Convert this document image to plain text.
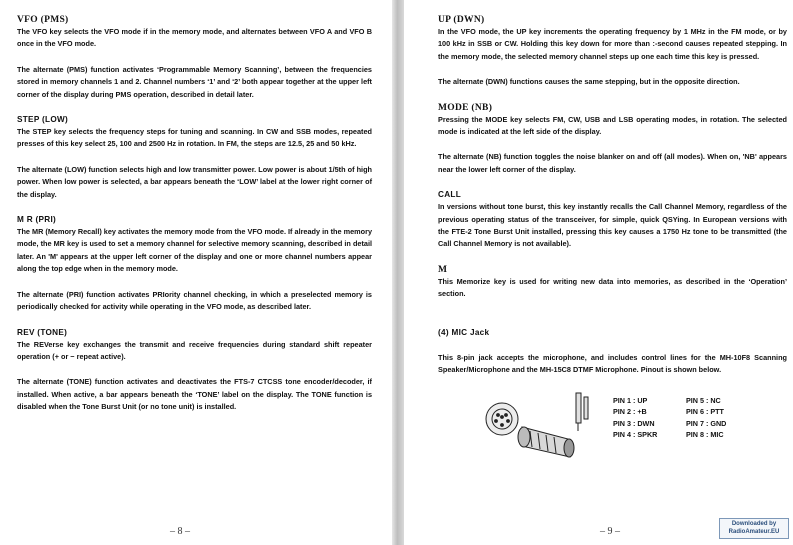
VFO (PMS)

The VFO key selects the VFO mode if in the memory mode, and alternates between VFO A and VFO B once in the VFO mode.

The alternate (PMS) function activates ‘Programmable Memory Scanning’, between the frequencies stored in memory channels 1 and 2. Channel numbers ‘1’ and ‘2’ both appear together at the upper left corner of the display during PMS operation, described in detail later.

STEP (LOW)

The STEP key selects the frequency steps for tuning and scanning. In CW and SSB modes, repeated presses of this key select 25, 100 and 2500 Hz in rotation. In FM, the steps are 12.5, 25 and 50 kHz.

The alternate (LOW) function selects high and low transmitter power. Low power is about 1/5th of high power. When low power is selected, a bar appears beneath the ‘LOW’ label at the lower right corner of the display.

M R (PRI)

The MR (Memory Recall) key activates the memory mode from the VFO mode. If already in the memory mode, the MR key is used to set a memory channel for selective memory scanning, described in detail later. An 'M' appears at the upper left corner of the display and one or more channel numbers appear along the top edge when in the memory mode.

The alternate (PRI) function activates PRIority channel checking, in which a preselected memory is periodically checked for activity while operating in the VFO mode, as described later.

REV (TONE)

The REVerse key exchanges the transmit and receive frequencies during standard shift repeater operation (+ or − repeat active).

The alternate (TONE) function activates and deactivates the FTS-7 CTCSS tone encoder/decoder, if installed. When active, a bar appears beneath the ‘TONE’ label on the display. The TONE function is disabled when the Tone Burst Unit (or no tone unit) is installed.

– 8 –

UP (DWN)

In the VFO mode, the UP key increments the operating frequency by 1 MHz in the FM mode, or by 100 kHz in SSB or CW. Holding this key down for more than :-second causes repeated stepping. In the memory mode, the selected memory channel steps up one each time this key is pressed.

The alternate (DWN) functions causes the same stepping, but in the opposite direction.

MODE (NB)

Pressing the MODE key selects FM, CW, USB and LSB operating modes, in rotation. The selected mode is indicated at the left side of the display.

The alternate (NB) function toggles the noise blanker on and off (all modes). When on, 'NB' appears near the lower left corner of the display.

CALL

In versions without tone burst, this key instantly recalls the Call Channel Memory, regardless of the previous operating status of the transceiver, for simple, quick QSYing. In European versions with the FTE-2 Tone Burst Unit installed, pressing this key causes a 1750 Hz tone to be transmitted (the Call Channel Memory is not available).

M

This Memorize key is used for writing new data into memories, as described in the ‘Operation’ section.

(4) MIC Jack

This 8-pin jack accepts the microphone, and includes control lines for the MH-10F8 Scanning Speaker/Microphone and the MH-15C8 DTMF Microphone. Pinout is shown below.

PIN 1 : UP
PIN 2 : +B
PIN 3 : DWN
PIN 4 : SPKR
PIN 5 : NC
PIN 6 : PTT
PIN 7 : GND
PIN 8 : MIC
– 9 –
Downloaded by
RadioAmateur.EU
